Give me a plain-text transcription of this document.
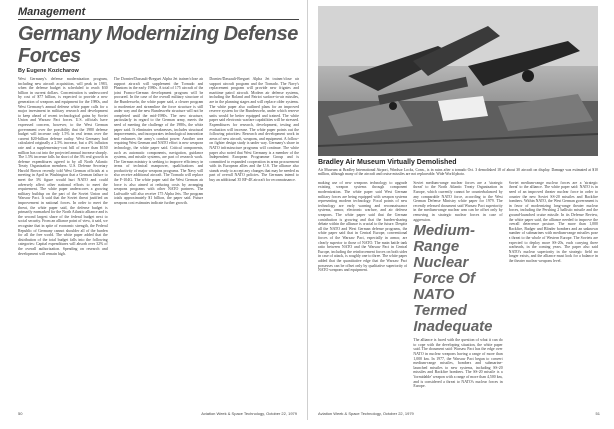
Management
Germany Modernizing Defense Forces
By Eugene Kozicharow

West Germany's defense modernization program, including new aircraft acquisition, will peak in 1983, when the defense budget is scheduled to reach $30 billion in current dollars. Concentration is underscored by cost of $77 billion, is expected to provide a new generation of weapons and equipment for the 1980s, and West Germany's annual defense white paper calls for a major investment in military research and development to keep ahead of recent technological gains by Soviet Union and Warsaw Pact forces. U.S. officials have expressed concern, however, to the West German government over the possibility that the 1980 defense budget will increase only 1.5% in real terms over the current $20-billion defense outlay. West Germany had calculated originally a 2.5% increase, but a 4% inflation rate and a supplementary-cost bill of more than $150 million has cut into the projected annual increase sharply. The 1.5% increase falls far short of the 3% real growth in defense expenditures agreed to by all North Atlantic Treaty Organization members. U.S. Defense Secretary Harold Brown recently told West German officials at a meeting in April in Washington that a German failure to meet the 3% figure would hurt NATO and could adversely affect other national efforts to meet the requirement. The white paper underscores a growing military buildup on the part of the Soviet Union and Warsaw Pact. It said that the Soviet threat justified an improvement in national forces. In order to meet the threat, the white paper said, the defense budget is primarily earmarked for the North Atlantic alliance and is the second largest share of the federal budget next to social security. From an alliance point of view, it said, we recognize that in spite of economic strength, the Federal Republic of Germany cannot shoulder all of the burden for all the free world. The white paper added that the distribution of the total budget falls into the following categories: Capital expenditures will absorb over 32% of the overall authorization. Spending on research and development will remain high.

The Dornier/Dassault-Breguet Alpha Jet trainer/close air support aircraft will supplement the Tornado and Phantom in the early 1980s. A total of 175 aircraft of the joint Franco-German development program will be procured. In the case of the overall military structure of the Bundeswehr, the white paper said, a clearer program to modernize and streamline the force structure is still under way and the new Bundeswehr structure will not be completed until the mid-1980s. The new structure, particularly in regard to the German army, meets the need of meeting the challenge of the 1980s, the white paper said. It eliminates weaknesses, includes structural improvements, and incorporates technological innovation and enhances the army's combat power. Another area requiring West German and NATO effort is new weapons technology, the white paper said. Critical components, such as automatic components, navigation, guidance systems, and missile systems, are part of research work. The German ministry is seeking to improve efficiency in terms of technical manpower, qualifications and productivity of major weapons programs. The Navy will also receive additional aircraft. The Tornado will replace the F-104G. The white paper said the West German air force is also aimed at reducing costs by arranging weapons programs with other NATO partners. The Luftwaffe will also receive 175 Alpha Jets. The program totals approximately $1 billion, the paper said. Future weapons cost estimates indicate further growth.

Dornier/Dassault-Breguet Alpha Jet trainer/close air support aircraft program and the Tornado. The Navy's replacement program will provide new frigates and maritime patrol aircraft. Modern air defense systems, including the Roland and Patriot surface-to-air missiles, are in the planning stages and will replace older systems. The white paper also outlined plans for an improved reserve system for the Bundeswehr, under which reserve units would be better equipped and trained. The white paper said electronic warfare capabilities will be stressed. Expenditures for research, development, testing and evaluation will increase. The white paper points out the following priorities: Research and development work in areas of new aircraft, weapons, and equipment. A follow-on fighter design study is under way. Germany's share in NATO infrastructure programs will continue. The white paper also noted that West Germany is a member of the Independent European Programme Group and is committed to expanded cooperation in arms procurement with its European allies and the U.S. The alliance also stands ready to accept any changes that may be needed as part of overall NATO policies. The Germans intend to buy an additional 35 RF-4E aircraft for reconnaissance.

50	Aviation Week & Space Technology, October 22, 1979
Bradley Air Museum Virtually Demolished

Air Museum at Bradley International Airport, Windsor Locks, Conn., is in ruins after a tornado Oct. 3 demolished 18 of about 30 aircraft on display. Damage was estimated at $10 million, although many of the aircraft and cruise missiles are not replaceable. Wide World photo.

making use of new weapons technology to upgrade existing weapon systems through component modernization. The white paper said West German military forces are being equipped with weapon systems representing modern technology. Focal points of new technology are early warning and reconnaissance systems, armor, electronic warfare, and air defense weapons. The white paper said that the German contribution is growing and that the burden-sharing debate within the alliance is crucial to the future. Despite all the NATO and West German defense programs, the white paper said that in Central Europe, conventional forces of the Warsaw Pact, especially in armor, are clearly superior to those of NATO. The main battle tank ratio between NATO and the Warsaw Pact in Central Europe, including the reinforcement forces on both sides in case of attack, is roughly one to three. The white paper added that the quantitative edge that the Warsaw Pact possesses can be offset only by qualitative superiority of NATO weapons and equipment.

Soviet medium-range nuclear forces are a 'strategic threat' to the North Atlantic Treaty Organization in Europe, which currently cannot be counterbalanced by any comparable NATO force, according to the West German Defense Ministry white paper for 1979. The recently released document said Warsaw Pact superiority in the medium-range nuclear arm can be offset only by removing in strategic nuclear forces in case of aggression.

Medium-Range Nuclear Force Of NATO Termed Inadequate

The alliance is faced with the question of what it can do to cope with the developing situation, the white paper said. The document said: Warsaw Pact has the edge over NATO in nuclear weapons having a range of more than 1,000 km. In 1977, the Warsaw Pact began to convert medium-range missiles, bombers and submarine-launched missiles to new systems, including SS-20 missiles and Backfire bombers. The SS-20 missile is a 'formidable' weapon with a range of more than 4,500 km, and is considered a threat to NATO's nuclear forces in Europe.

Soviet medium-range nuclear forces are a 'strategic threat' to the alliance. The white paper said: NATO is in need of an improved theater nuclear force in order to counter the new Soviet SS-20 missiles and Backfire bombers. Within NATO, the West German government is in favor of modernizing long-range theater nuclear forces, including the Pershing 2 ballistic missile and the ground-launched cruise missile. In its Defense Review, the white paper said, the alliance needed to improve the overall deterrence posture. The more than 1,000 Backfire, Badger and Blinder bombers and an unknown number of submarines with medium-range missiles pose a threat to the whole of Western Europe. The Soviets are expected to deploy more SS-20s, each carrying three warheads, in the coming years. The paper also said NATO's nuclear superiority in the strategic field no longer exists, and the alliance must look for a balance in the theater nuclear weapons level.

Aviation Week & Space Technology, October 22, 1979	51
